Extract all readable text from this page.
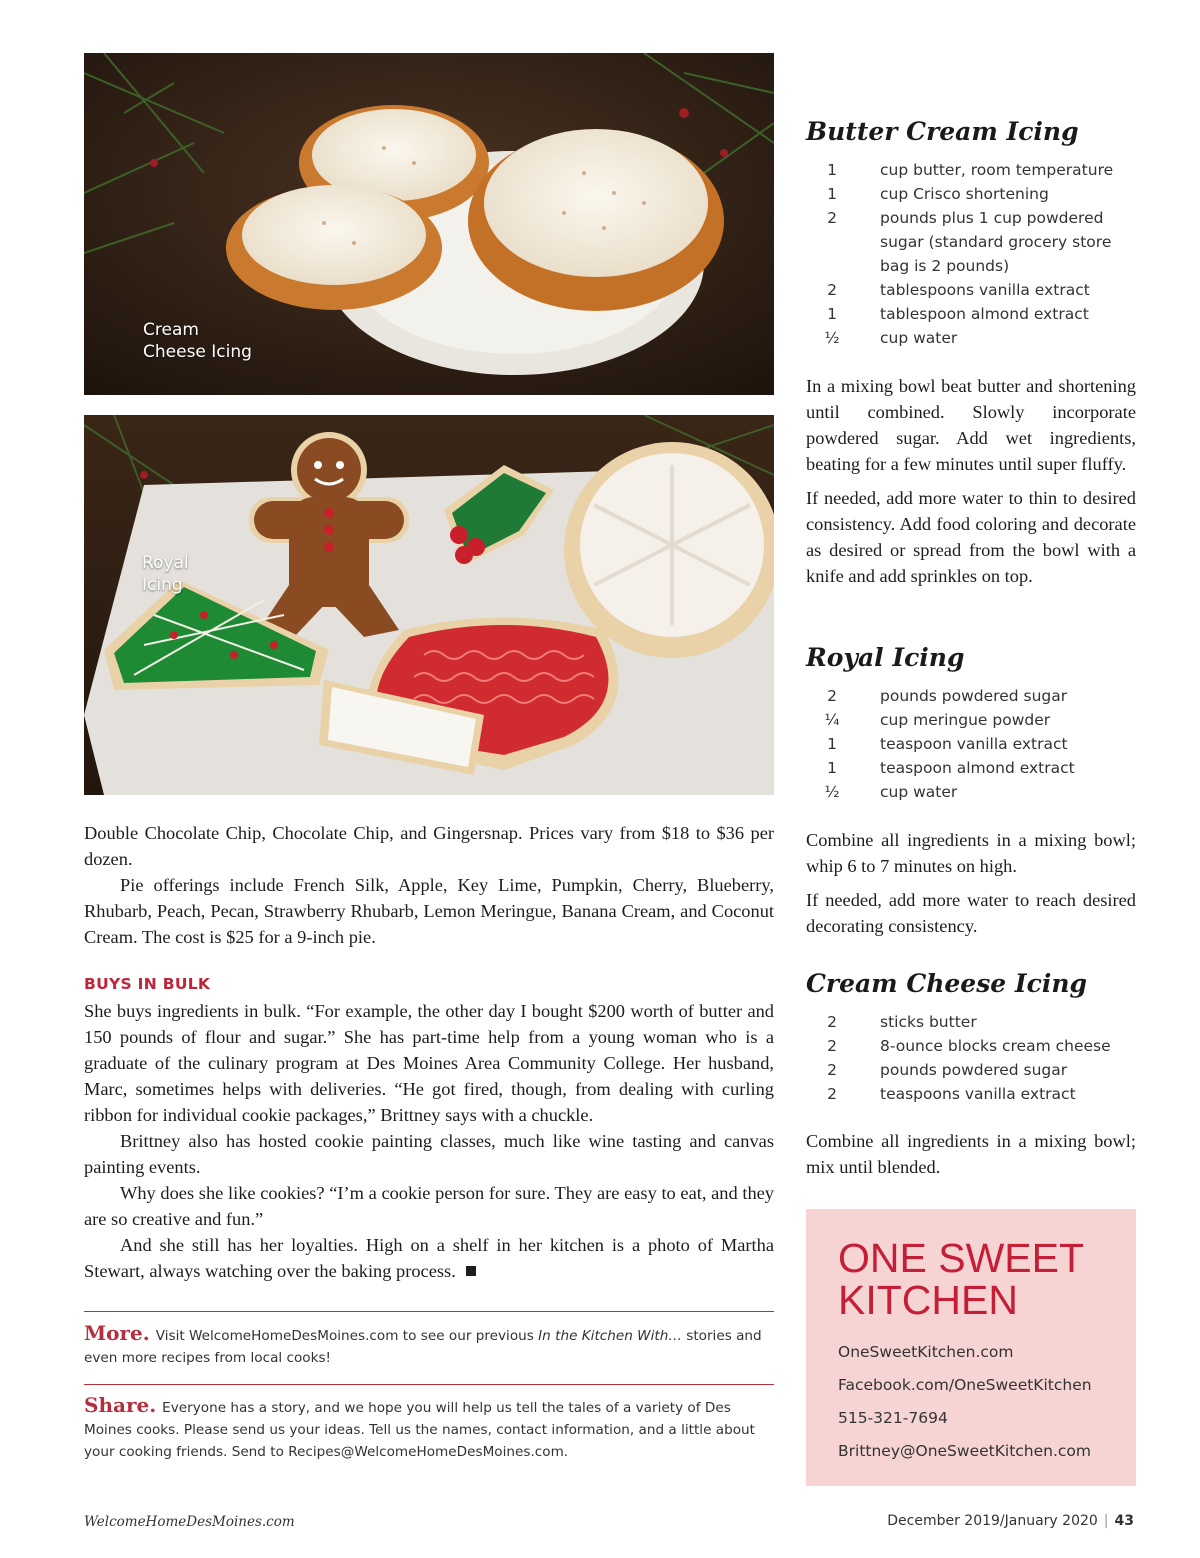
Cream
Cheese Icing
Royal
Icing

Double Chocolate Chip, Chocolate Chip, and Gingersnap. Prices vary from $18 to $36 per dozen.

Pie offerings include French Silk, Apple, Key Lime, Pumpkin, Cherry, Blueberry, Rhubarb, Peach, Pecan, Strawberry Rhubarb, Lemon Meringue, Banana Cream, and Coconut Cream. The cost is $25 for a 9-inch pie.

BUYS IN BULK

She buys ingredients in bulk. “For example, the other day I bought $200 worth of butter and 150 pounds of flour and sugar.” She has part-time help from a young woman who is a graduate of the culinary program at Des Moines Area Community College. Her husband, Marc, sometimes helps with deliveries. “He got fired, though, from dealing with curling ribbon for individual cookie packages,” Brittney says with a chuckle.

Brittney also has hosted cookie painting classes, much like wine tasting and canvas painting events.

Why does she like cookies? “I’m a cookie person for sure. They are easy to eat, and they are so creative and fun.”

And she still has her loyalties. High on a shelf in her kitchen is a photo of Martha Stewart, always watching over the baking process.

More. Visit WelcomeHomeDesMoines.com to see our previous In the Kitchen With… stories and even more recipes from local cooks!
Share. Everyone has a story, and we hope you will help us tell the tales of a variety of Des Moines cooks. Please send us your ideas. Tell us the names, contact information, and a little about your cooking friends. Send to Recipes@WelcomeHomeDesMoines.com.
Butter Cream Icing
1	cup butter, room temperature
1	cup Crisco shortening
2	pounds plus 1 cup powdered sugar (standard grocery store bag is 2 pounds)
2	tablespoons vanilla extract
1	tablespoon almond extract
½	cup water

In a mixing bowl beat butter and shortening until combined. Slowly incorporate powdered sugar. Add wet ingredients, beating for a few minutes until super fluffy.

If needed, add more water to thin to desired consistency. Add food coloring and decorate as desired or spread from the bowl with a knife and add sprinkles on top.

Royal Icing
2	pounds powdered sugar
¼	cup meringue powder
1	teaspoon vanilla extract
1	teaspoon almond extract
½	cup water

Combine all ingredients in a mixing bowl; whip 6 to 7 minutes on high.

If needed, add more water to reach desired decorating consistency.

Cream Cheese Icing
2	sticks butter
2	8-ounce blocks cream cheese
2	pounds powdered sugar
2	teaspoons vanilla extract

Combine all ingredients in a mixing bowl; mix until blended.

ONE SWEET KITCHEN
OneSweetKitchen.com
Facebook.com/OneSweetKitchen
515-321-7694
Brittney@OneSweetKitchen.com
WelcomeHomeDesMoines.com	December 2019/January 2020 | 43
